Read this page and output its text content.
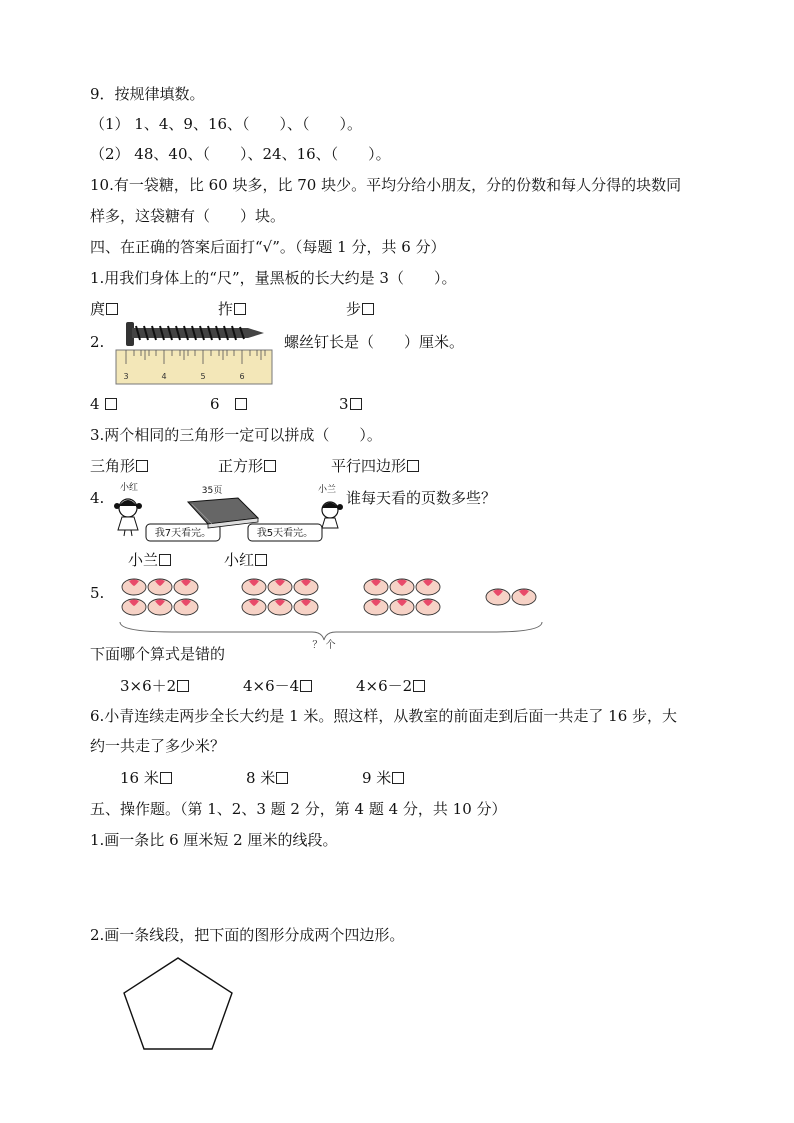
9．按规律填数。
（1） 1、4、9、16、（　　）、（　　）。
（2） 48、40、（　　）、24、16、（　　）。
10.有一袋糖，比 60 块多，比 70 块少。平均分给小朋友，分的份数和每人分得的块数同
样多，这袋糖有（　　）块。
四、在正确的答案后面打“√”。（每题 1 分，共 6 分）
1.用我们身体上的“尺”，量黑板的长大约是 3（　　）。
庹	拃	步
2.
3	4	5	6
螺丝钉长是（　　）厘米。
4	6	3
3.两个相同的三角形一定可以拼成（　　）。
三角形	正方形	平行四边形
4.
小红
我7天看完。
35页
我5天看完。
小兰 谁每天看的页数多些？
小兰	小红
5.
？ 个
下面哪个算式是错的
3×6＋2	4×6－4	4×6－2
6.小青连续走两步全长大约是 1 米。照这样，从教室的前面走到后面一共走了 16 步，大
约一共走了多少米？
16 米	8 米	9 米
五、操作题。（第 1、2、3 题 2 分，第 4 题 4 分，共 10 分）
1.画一条比 6 厘米短 2 厘米的线段。
2.画一条线段，把下面的图形分成两个四边形。
